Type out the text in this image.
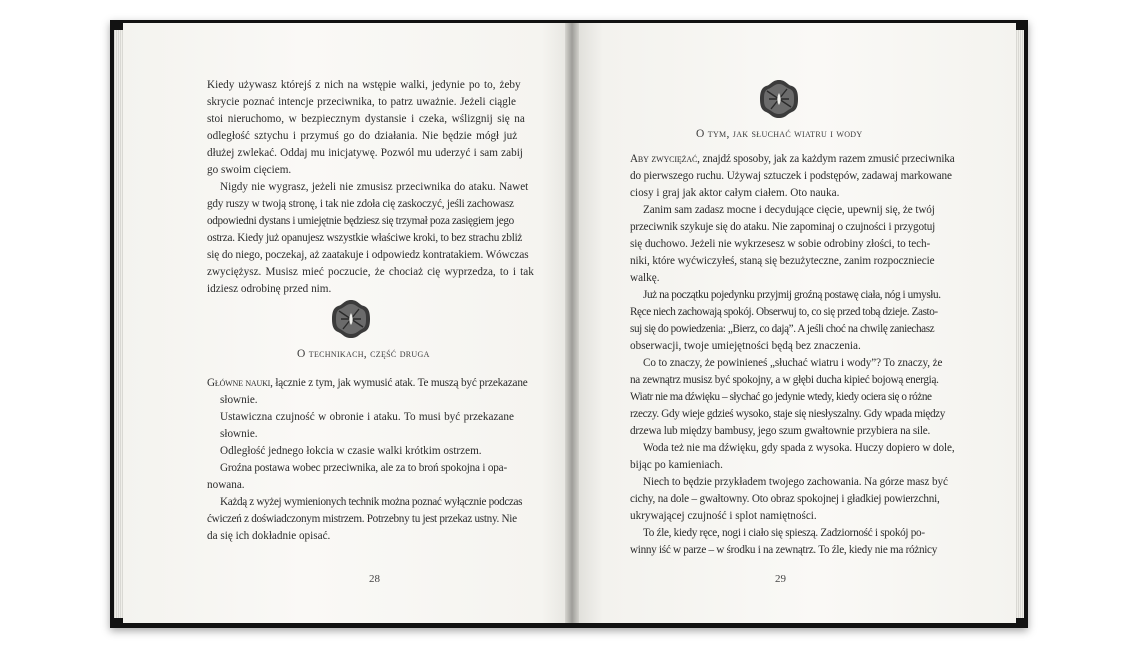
Kiedy używasz którejś z nich na wstępie walki, jedynie po to, żeby
skrycie poznać intencje przeciwnika, to patrz uważnie. Jeżeli ciągle
stoi nieruchomo, w bezpiecznym dystansie i czeka, wślizgnij się na
odległość sztychu i przymuś go do działania. Nie będzie mógł już
dłużej zwlekać. Oddaj mu inicjatywę. Pozwól mu uderzyć i sam zabij
go swoim cięciem.
Nigdy nie wygrasz, jeżeli nie zmusisz przeciwnika do ataku. Nawet
gdy ruszy w twoją stronę, i tak nie zdoła cię zaskoczyć, jeśli zachowasz
odpowiedni dystans i umiejętnie będziesz się trzymał poza zasięgiem jego
ostrza. Kiedy już opanujesz wszystkie właściwe kroki, to bez strachu zbliż
się do niego, poczekaj, aż zaatakuje i odpowiedz kontratakiem. Wówczas
zwyciężysz. Musisz mieć poczucie, że chociaż cię wyprzedza, to i tak
idziesz odrobinę przed nim.
O technikach, część druga
Główne nauki, łącznie z tym, jak wymusić atak. Te muszą być przekazane
słownie.
Ustawiczna czujność w obronie i ataku. To musi być przekazane
słownie.
Odległość jednego łokcia w czasie walki krótkim ostrzem.
Groźna postawa wobec przeciwnika, ale za to broń spokojna i opa-
nowana.
Każdą z wyżej wymienionych technik można poznać wyłącznie podczas
ćwiczeń z doświadczonym mistrzem. Potrzebny tu jest przekaz ustny. Nie
da się ich dokładnie opisać.
28
O tym, jak słuchać wiatru i wody
Aby zwyciężać, znajdź sposoby, jak za każdym razem zmusić przeciwnika
do pierwszego ruchu. Używaj sztuczek i podstępów, zadawaj markowane
ciosy i graj jak aktor całym ciałem. Oto nauka.
Zanim sam zadasz mocne i decydujące cięcie, upewnij się, że twój
przeciwnik szykuje się do ataku. Nie zapominaj o czujności i przygotuj
się duchowo. Jeżeli nie wykrzesesz w sobie odrobiny złości, to tech-
niki, które wyćwiczyłeś, staną się bezużyteczne, zanim rozpoczniecie
walkę.
Już na początku pojedynku przyjmij groźną postawę ciała, nóg i umysłu.
Ręce niech zachowają spokój. Obserwuj to, co się przed tobą dzieje. Zasto-
suj się do powiedzenia: „Bierz, co dają”. A jeśli choć na chwilę zaniechasz
obserwacji, twoje umiejętności będą bez znaczenia.
Co to znaczy, że powinieneś „słuchać wiatru i wody”? To znaczy, że
na zewnątrz musisz być spokojny, a w głębi ducha kipieć bojową energią.
Wiatr nie ma dźwięku – słychać go jedynie wtedy, kiedy ociera się o różne
rzeczy. Gdy wieje gdzieś wysoko, staje się niesłyszalny. Gdy wpada między
drzewa lub między bambusy, jego szum gwałtownie przybiera na sile.
Woda też nie ma dźwięku, gdy spada z wysoka. Huczy dopiero w dole,
bijąc po kamieniach.
Niech to będzie przykładem twojego zachowania. Na górze masz być
cichy, na dole – gwałtowny. Oto obraz spokojnej i gładkiej powierzchni,
ukrywającej czujność i splot namiętności.
To źle, kiedy ręce, nogi i ciało się spieszą. Zadziorność i spokój po-
winny iść w parze – w środku i na zewnątrz. To źle, kiedy nie ma różnicy
29
